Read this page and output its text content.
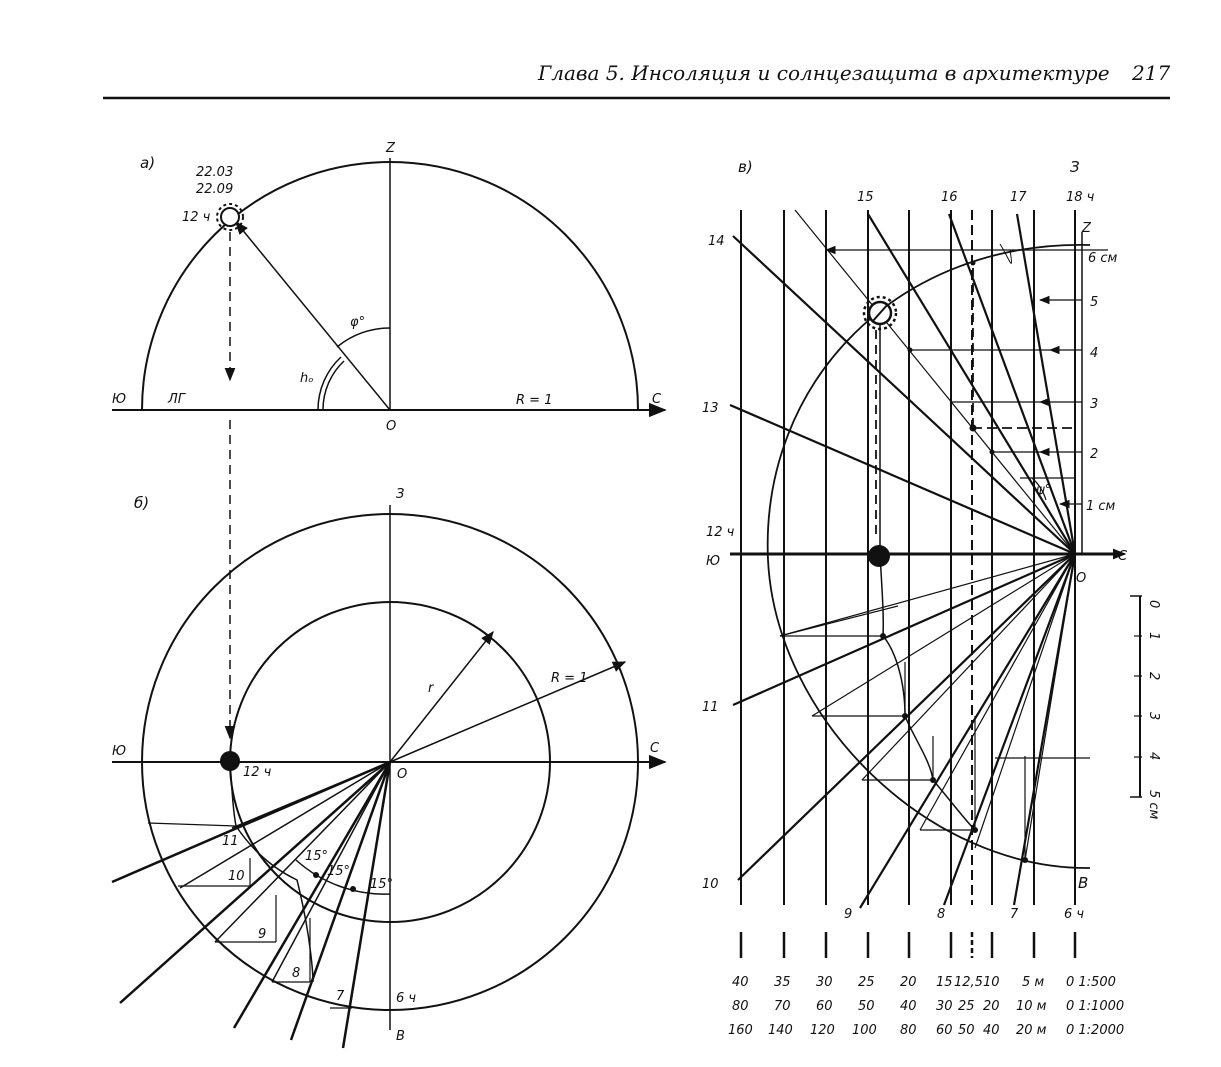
Глава 5. Инсоляция и солнцезащита в архитектуре 217
а)
22.03
22.09
12 ч
Z
Ю	ЛГ	С
О
R = 1
φ°
hₒ
б)
15°
15°
15°
З
В
Ю	С
О
R = 1
r
12 ч
6 ч
11
10
9
8
7
в)	З
В
ψ°
Z
Ю
12 ч
С
О
15	16	17	18 ч
14
13
11
10
9	8	7	6 ч
6 см
5
4
3
2
1 см
0
1
2
3
4
5 см
40 35 30 25 20 15 12,5 10 5 м 0 1:500
80 70 60 50 40 30 25 20 10 м 0 1:1000
160 140 120 100 80 60 50 40 20 м 0 1:2000
